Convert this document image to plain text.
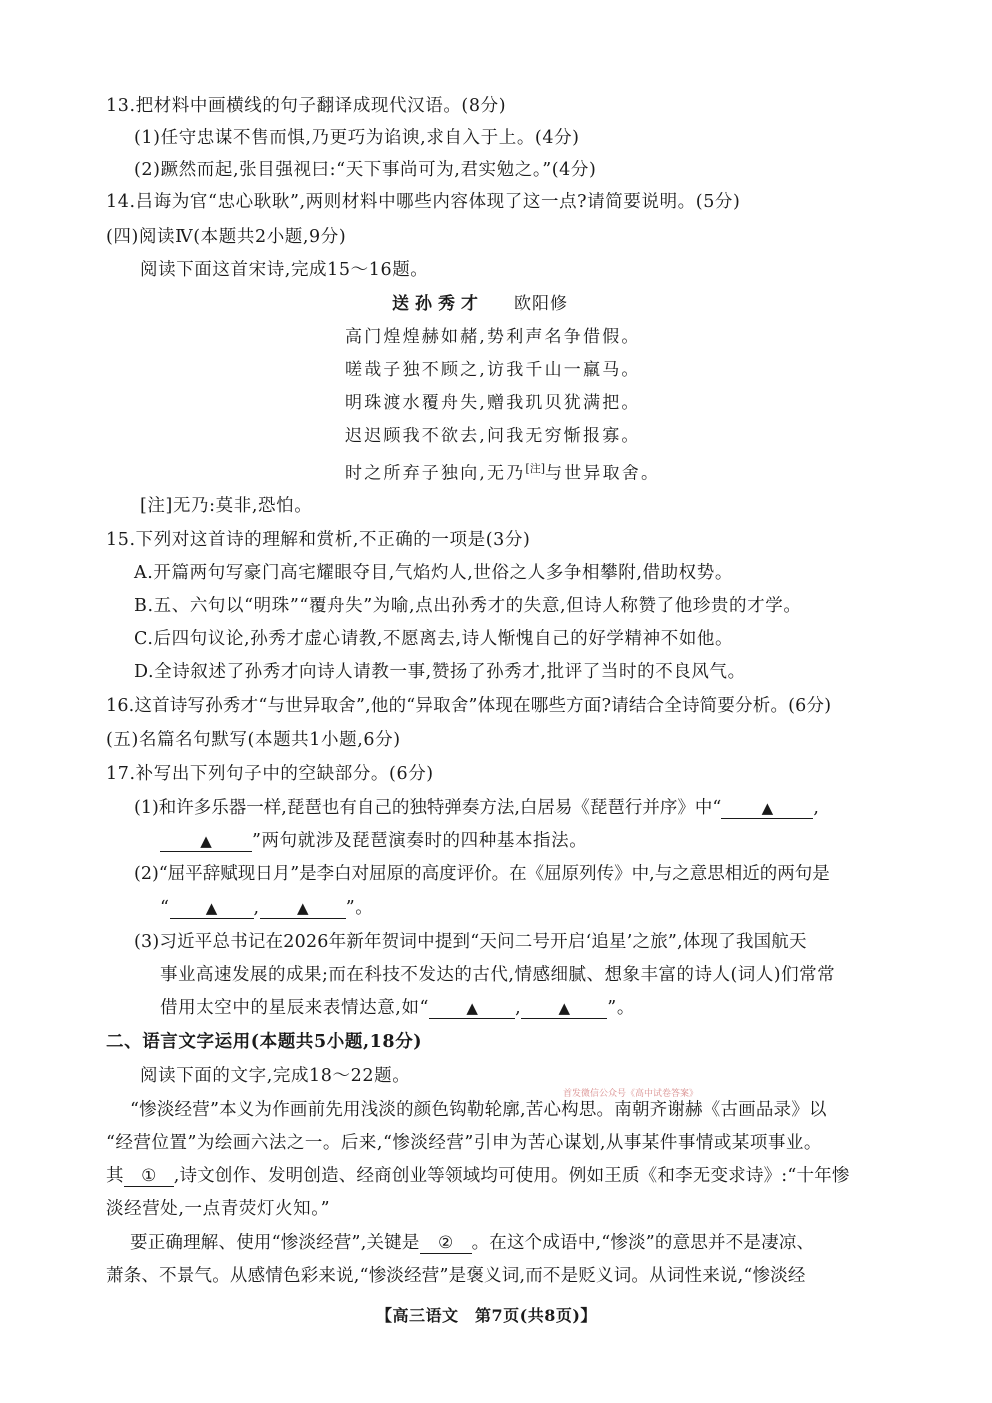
13.把材料中画横线的句子翻译成现代汉语。(8分)
(1)任守忠谋不售而惧,乃更巧为谄谀,求自入于上。(4分)
(2)蹶然而起,张目强视曰:“天下事尚可为,君实勉之。”(4分)
14.吕诲为官“忠心耿耿”,两则材料中哪些内容体现了这一点?请简要说明。(5分)
(四)阅读Ⅳ(本题共2小题,9分)
阅读下面这首宋诗,完成15～16题。
送孙秀才 欧阳修
高门煌煌赫如赭,势利声名争借假。
嗟哉子独不顾之,访我千山一羸马。
明珠渡水覆舟失,赠我玑贝犹满把。
迟迟顾我不欲去,问我无穷惭报寡。
时之所弃子独向,无乃[注]与世异取舍。
[注]无乃:莫非,恐怕。
15.下列对这首诗的理解和赏析,不正确的一项是(3分)
A.开篇两句写豪门高宅耀眼夺目,气焰灼人,世俗之人多争相攀附,借助权势。
B.五、六句以“明珠”“覆舟失”为喻,点出孙秀才的失意,但诗人称赞了他珍贵的才学。
C.后四句议论,孙秀才虚心请教,不愿离去,诗人惭愧自己的好学精神不如他。
D.全诗叙述了孙秀才向诗人请教一事,赞扬了孙秀才,批评了当时的不良风气。
16.这首诗写孙秀才“与世异取舍”,他的“异取舍”体现在哪些方面?请结合全诗简要分析。(6分)
(五)名篇名句默写(本题共1小题,6分)
17.补写出下列句子中的空缺部分。(6分)
(1)和许多乐器一样,琵琶也有自己的独特弹奏方法,白居易《琵琶行并序》中“	▲ ,
▲ ”两句就涉及琵琶演奏时的四种基本指法。
(2)“屈平辞赋现日月”是李白对屈原的高度评价。在《屈原列传》中,与之意思相近的两句是
“ ▲ , ▲ ”。
(3)习近平总书记在2026年新年贺词中提到“天问二号开启‘追星’之旅”,体现了我国航天
事业高速发展的成果;而在科技不发达的古代,情感细腻、想象丰富的诗人(词人)们常常
借用太空中的星辰来表情达意,如“ ▲ , ▲ ”。
二、语言文字运用(本题共5小题,18分)
阅读下面的文字,完成18～22题。
首发微信公众号《高中试卷答案》
“惨淡经营”本义为作画前先用浅淡的颜色钩勒轮廓,苦心构思。南朝齐谢赫《古画品录》以
“经营位置”为绘画六法之一。后来,“惨淡经营”引申为苦心谋划,从事某件事情或某项事业。
其 ① ,诗文创作、发明创造、经商创业等领域均可使用。例如王质《和李无变求诗》:“十年惨
淡经营处,一点青荧灯火知。”
要正确理解、使用“惨淡经营”,关键是 ② 。在这个成语中,“惨淡”的意思并不是凄凉、
萧条、不景气。从感情色彩来说,“惨淡经营”是褒义词,而不是贬义词。从词性来说,“惨淡经
【高三语文　第7页(共8页)】
